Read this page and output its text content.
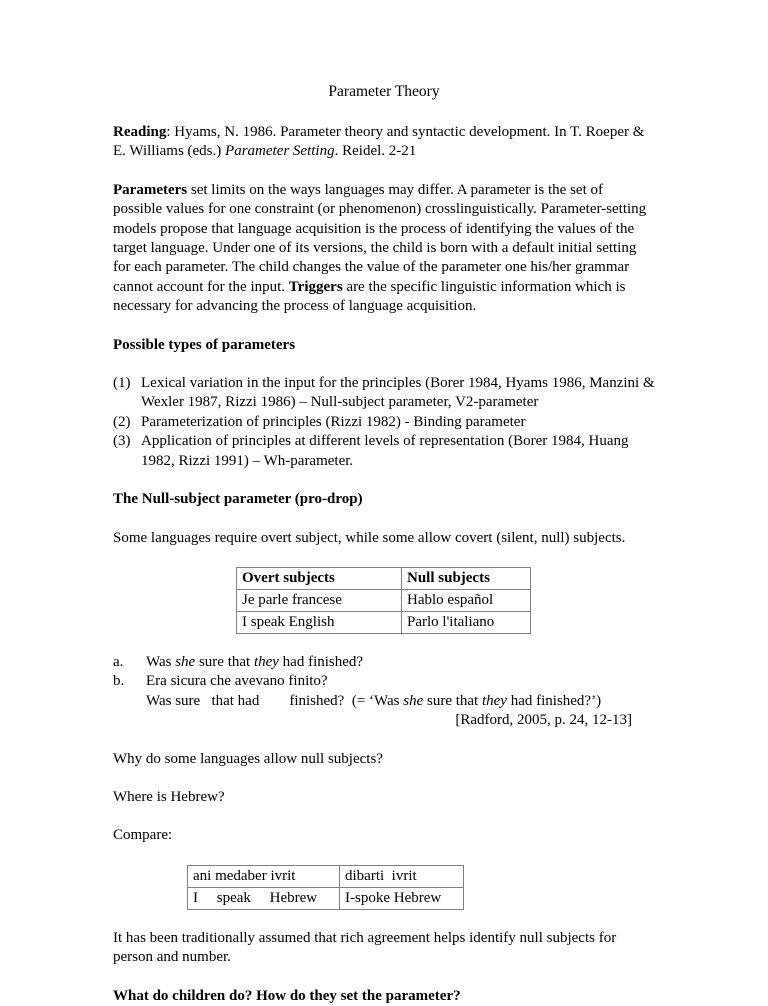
Parameter Theory

Reading: Hyams, N. 1986. Parameter theory and syntactic development. In T. Roeper & E. Williams (eds.) Parameter Setting. Reidel. 2-21

Parameters set limits on the ways languages may differ. A parameter is the set of possible values for one constraint (or phenomenon) crosslinguistically. Parameter-setting models propose that language acquisition is the process of identifying the values of the target language. Under one of its versions, the child is born with a default initial setting for each parameter. The child changes the value of the parameter one his/her grammar cannot account for the input. Triggers are the specific linguistic information which is necessary for advancing the process of language acquisition.

Possible types of parameters
(1) Lexical variation in the input for the principles (Borer 1984, Hyams 1986, Manzini & Wexler 1987, Rizzi 1986) – Null-subject parameter, V2-parameter
(2) Parameterization of principles (Rizzi 1982) - Binding parameter
(3) Application of principles at different levels of representation (Borer 1984, Huang 1982, Rizzi 1991) – Wh-parameter.
The Null-subject parameter (pro-drop)

Some languages require overt subject, while some allow covert (silent, null) subjects.

Overt subjects	Null subjects
Je parle francese	Hablo español
I speak English	Parlo l'italiano
a. Was she sure that they had finished?
b. Era sicura che avevano finito?
Was sure   that had        finished?  (= ‘Was she sure that they had finished?’)

[Radford, 2005, p. 24, 12-13]

Why do some languages allow null subjects?

Where is Hebrew?

Compare:

ani medaber ivrit	dibarti  ivrit
I     speak     Hebrew	I-spoke Hebrew

It has been traditionally assumed that rich agreement helps identify null subjects for person and number.

What do children do? How do they set the parameter?
